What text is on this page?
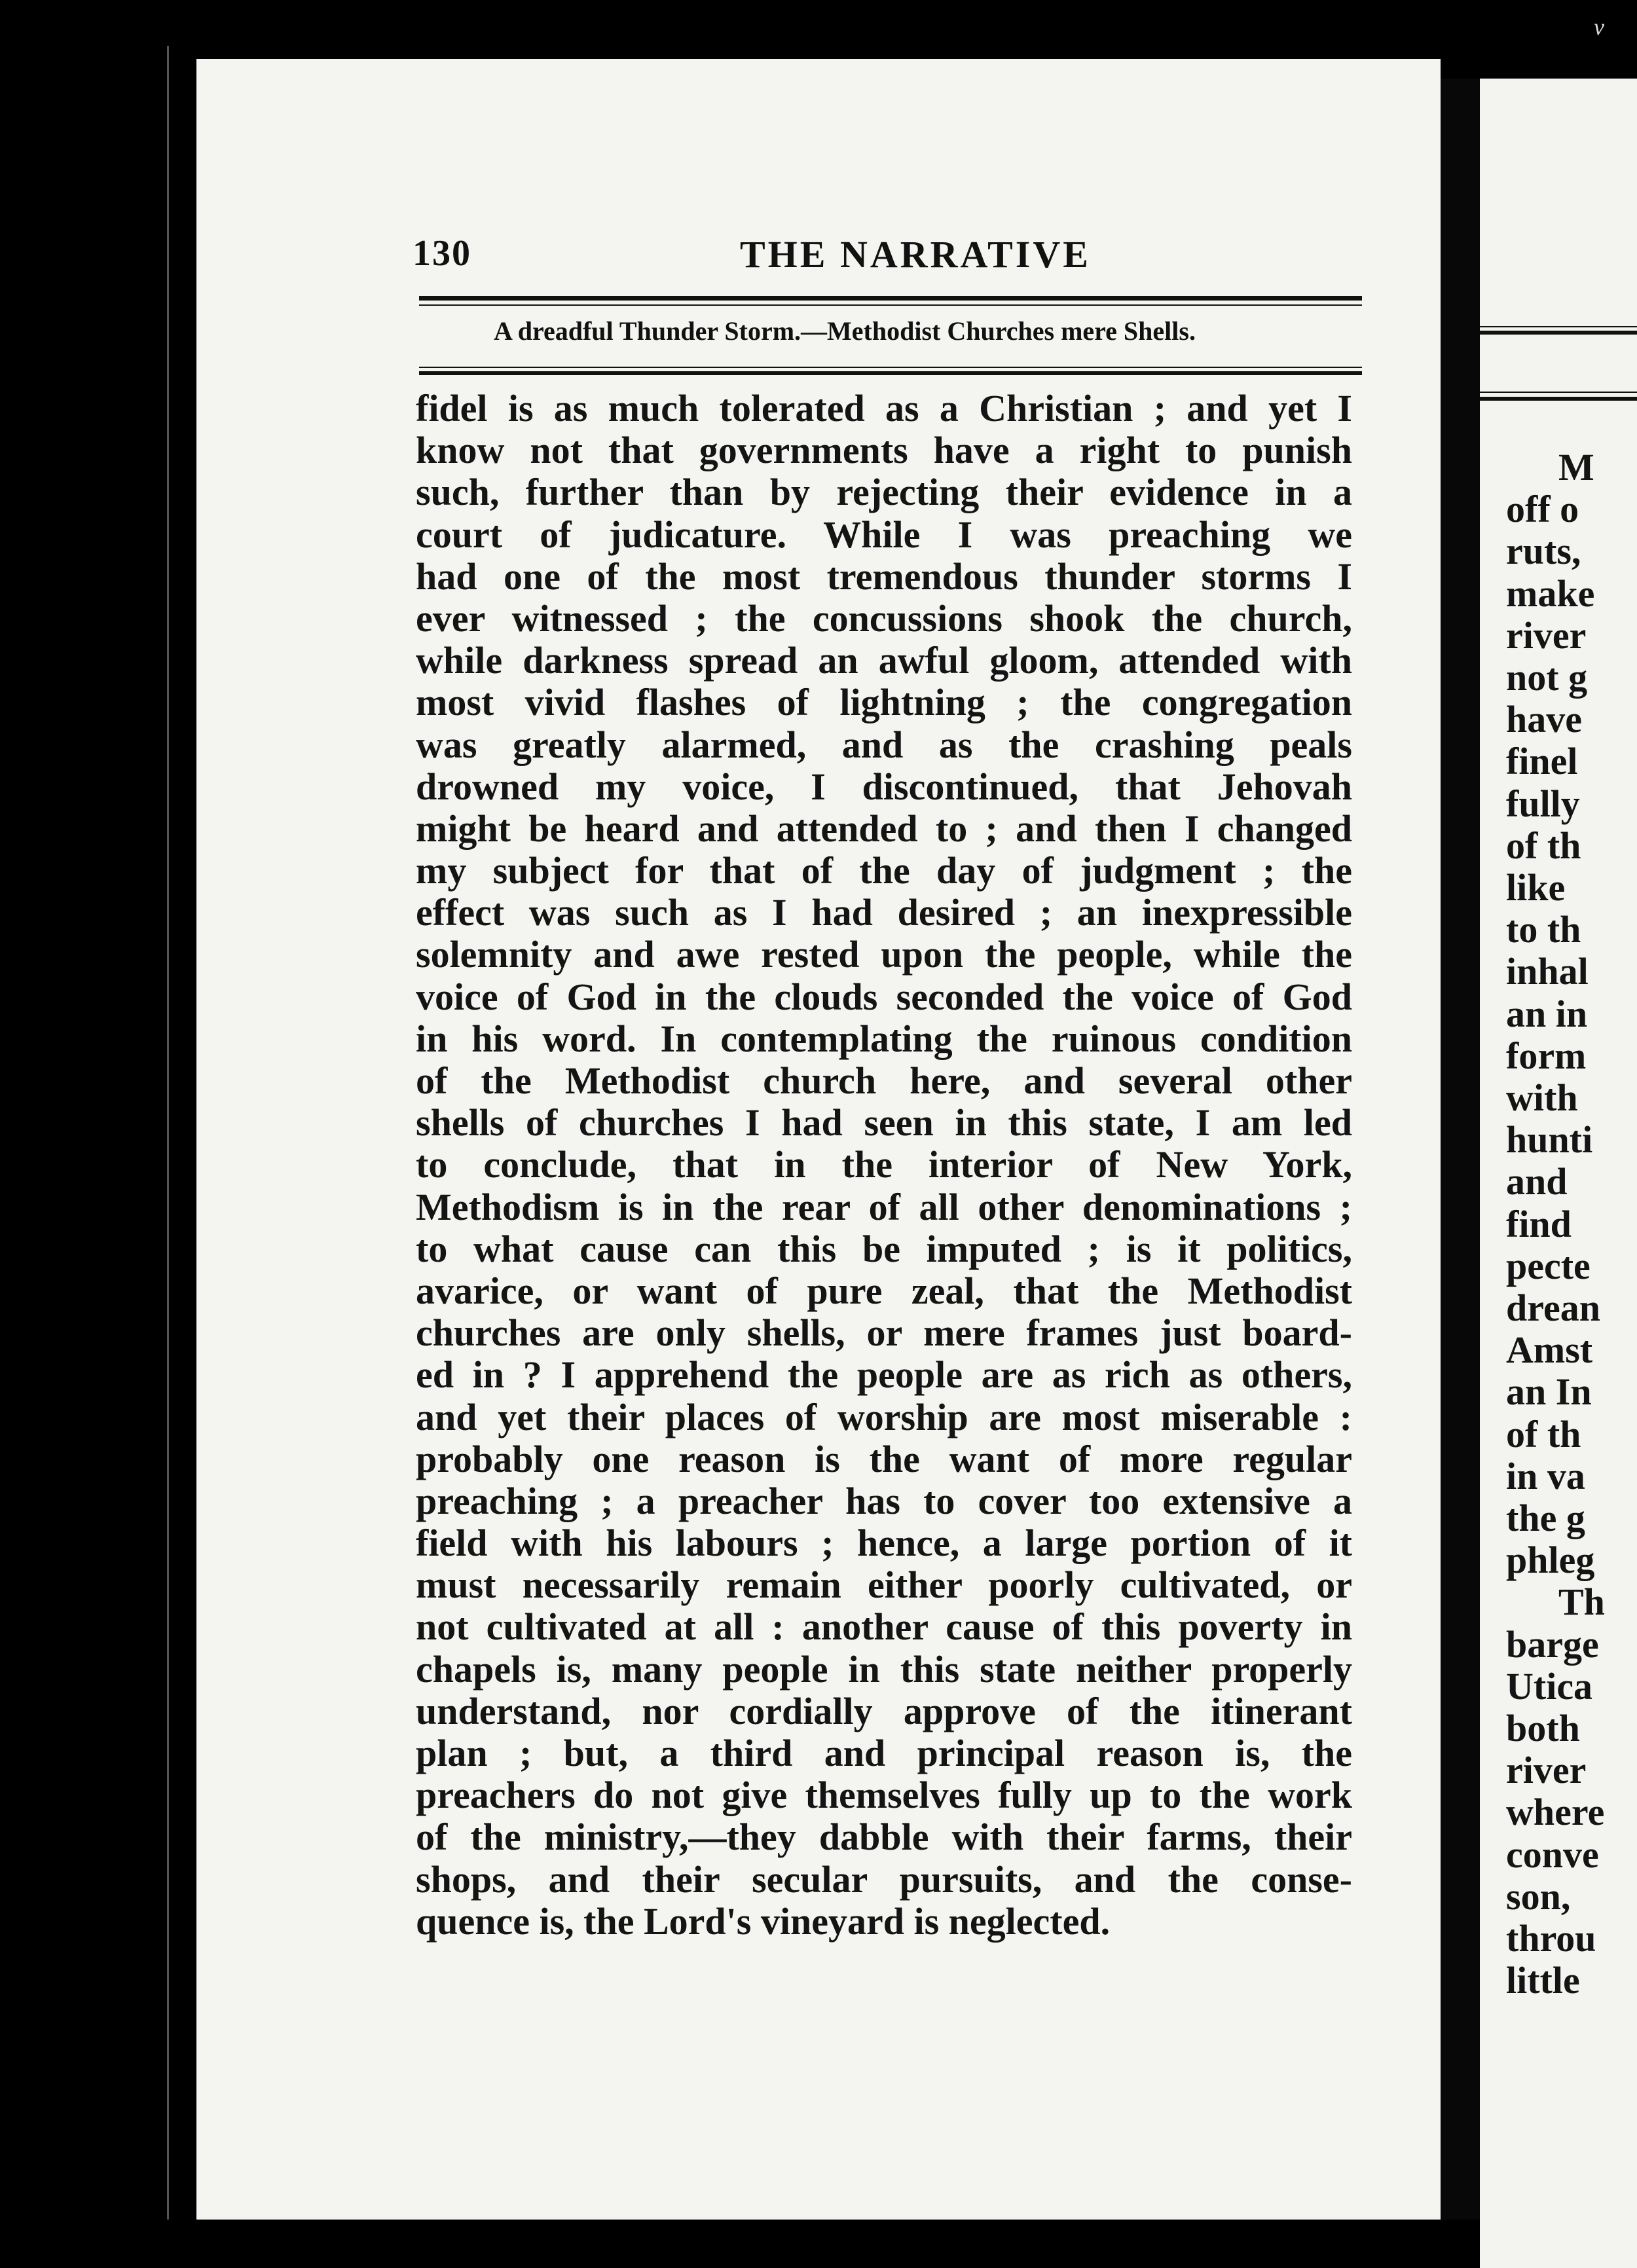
v
130	THE NARRATIVE
A dreadful Thunder Storm.—Methodist Churches mere Shells.
fidel is as much tolerated as a Christian ; and yet I
know not that governments have a right to punish
such, further than by rejecting their evidence in a
court of judicature. While I was preaching we
had one of the most tremendous thunder storms I
ever witnessed ; the concussions shook the church,
while darkness spread an awful gloom, attended with
most vivid flashes of lightning ; the congregation
was greatly alarmed, and as the crashing peals
drowned my voice, I discontinued, that Jehovah
might be heard and attended to ; and then I changed
my subject for that of the day of judgment ; the
effect was such as I had desired ; an inexpressible
solemnity and awe rested upon the people, while the
voice of God in the clouds seconded the voice of God
in his word. In contemplating the ruinous condition
of the Methodist church here, and several other
shells of churches I had seen in this state, I am led
to conclude, that in the interior of New York,
Methodism is in the rear of all other denominations ;
to what cause can this be imputed ; is it politics,
avarice, or want of pure zeal, that the Methodist
churches are only shells, or mere frames just board-
ed in ? I apprehend the people are as rich as others,
and yet their places of worship are most miserable :
probably one reason is the want of more regular
preaching ; a preacher has to cover too extensive a
field with his labours ; hence, a large portion of it
must necessarily remain either poorly cultivated, or
not cultivated at all : another cause of this poverty in
chapels is, many people in this state neither properly
understand, nor cordially approve of the itinerant
plan ; but, a third and principal reason is, the
preachers do not give themselves fully up to the work
of the ministry,—they dabble with their farms, their
shops, and their secular pursuits, and the conse-
quence is, the Lord's vineyard is neglected.
M
off o
ruts,
make
river
not g
have
finel
fully
of th
like
to th
inhal
an in
form
with
hunti
and
find
pecte
drean
Amst
an In
of th
in va
the g
phleg
Th
barge
Utica
both
river
where
conve
son,
throu
little
